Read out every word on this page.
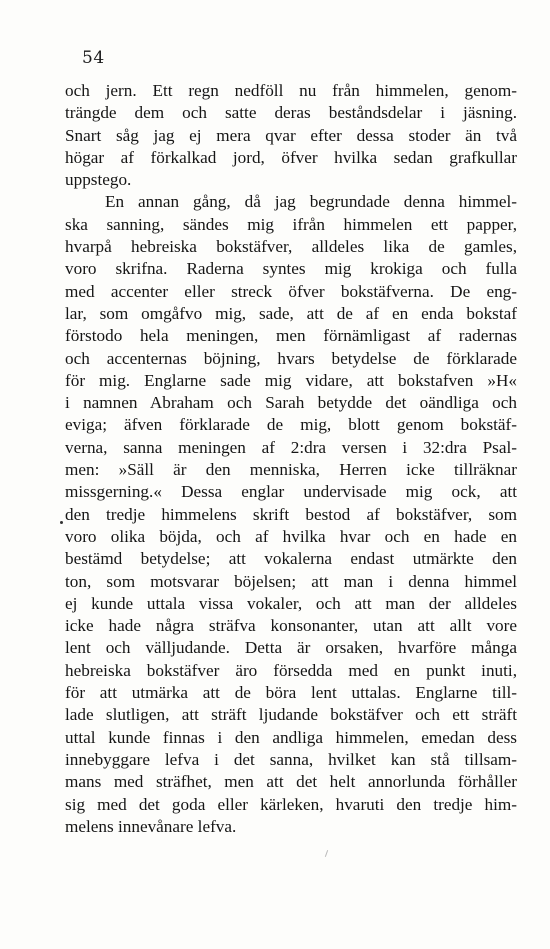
54
och jern. Ett regn nedföll nu från himmelen, genom-
trängde dem och satte deras beståndsdelar i jäsning.
Snart såg jag ej mera qvar efter dessa stoder än två
högar af förkalkad jord, öfver hvilka sedan grafkullar
uppstego.
En annan gång, då jag begrundade denna himmel-
ska sanning, sändes mig ifrån himmelen ett papper,
hvarpå hebreiska bokstäfver, alldeles lika de gamles,
voro skrifna. Raderna syntes mig krokiga och fulla
med accenter eller streck öfver bokstäfverna. De eng-
lar, som omgåfvo mig, sade, att de af en enda bokstaf
förstodo hela meningen, men förnämligast af radernas
och accenternas böjning, hvars betydelse de förklarade
för mig. Englarne sade mig vidare, att bokstafven »H«
i namnen Abraham och Sarah betydde det oändliga och
eviga; äfven förklarade de mig, blott genom bokstäf-
verna, sanna meningen af 2:dra versen i 32:dra Psal-
men: »Säll är den menniska, Herren icke tillräknar
missgerning.« Dessa englar undervisade mig ock, att
den tredje himmelens skrift bestod af bokstäfver, som
voro olika böjda, och af hvilka hvar och en hade en
bestämd betydelse; att vokalerna endast utmärkte den
ton, som motsvarar böjelsen; att man i denna himmel
ej kunde uttala vissa vokaler, och att man der alldeles
icke hade några sträfva konsonanter, utan att allt vore
lent och välljudande. Detta är orsaken, hvarföre många
hebreiska bokstäfver äro försedda med en punkt inuti,
för att utmärka att de böra lent uttalas. Englarne till-
lade slutligen, att sträft ljudande bokstäfver och ett sträft
uttal kunde finnas i den andliga himmelen, emedan dess
innebyggare lefva i det sanna, hvilket kan stå tillsam-
mans med sträfhet, men att det helt annorlunda förhåller
sig med det goda eller kärleken, hvaruti den tredje him-
melens innevånare lefva.
